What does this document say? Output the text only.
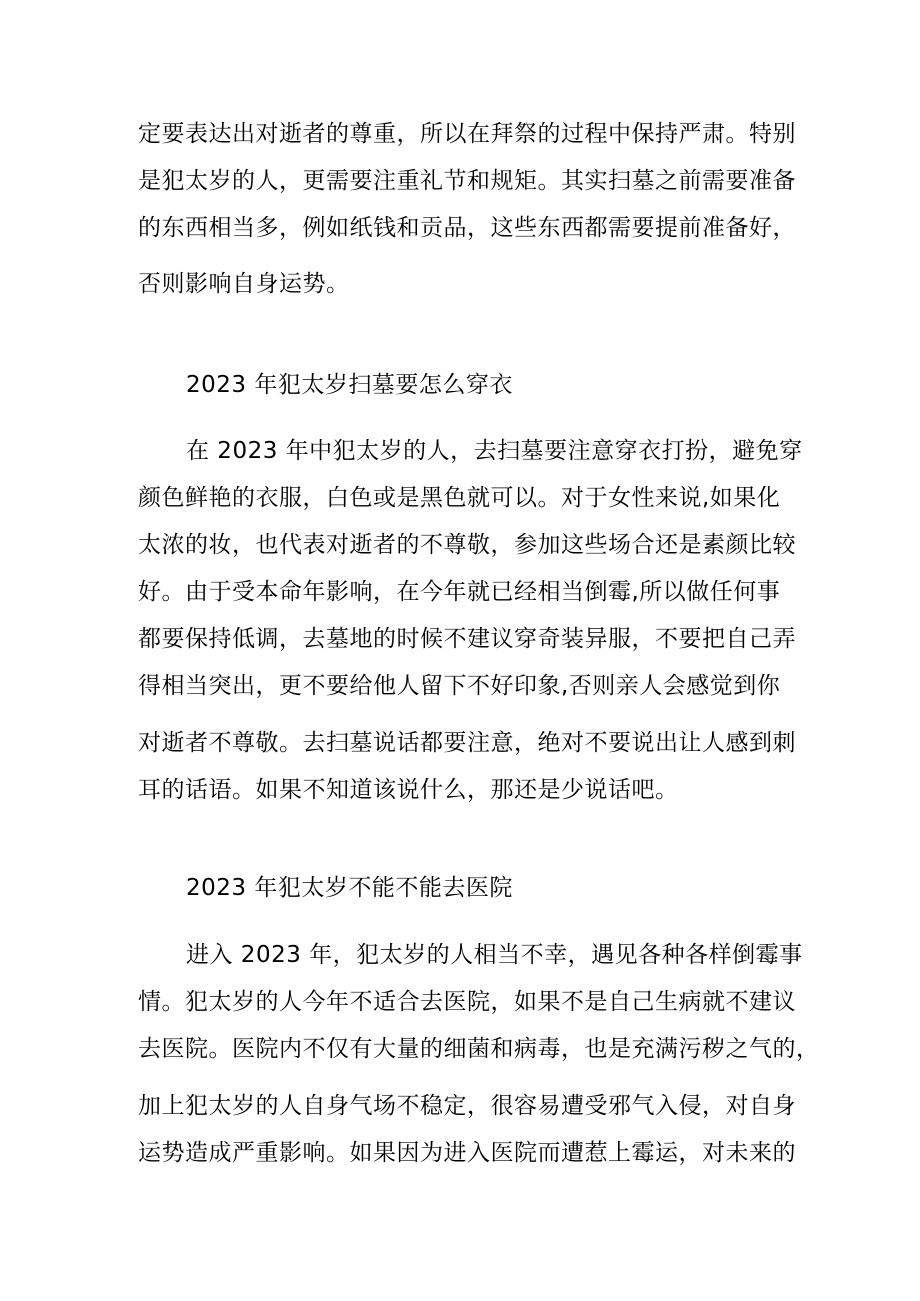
定要表达出对逝者的尊重，所以在拜祭的过程中保持严肃。特别
是犯太岁的人，更需要注重礼节和规矩。其实扫墓之前需要准备
的东西相当多，例如纸钱和贡品，这些东西都需要提前准备好，
否则影响自身运势。
2023 年犯太岁扫墓要怎么穿衣
在 2023 年中犯太岁的人，去扫墓要注意穿衣打扮，避免穿
颜色鲜艳的衣服，白色或是黑色就可以。对于女性来说,如果化
太浓的妆，也代表对逝者的不尊敬，参加这些场合还是素颜比较
好。由于受本命年影响，在今年就已经相当倒霉,所以做任何事
都要保持低调，去墓地的时候不建议穿奇装异服，不要把自己弄
得相当突出，更不要给他人留下不好印象,否则亲人会感觉到你
对逝者不尊敬。去扫墓说话都要注意，绝对不要说出让人感到刺
耳的话语。如果不知道该说什么，那还是少说话吧。
2023 年犯太岁不能不能去医院
进入 2023 年，犯太岁的人相当不幸，遇见各种各样倒霉事
情。犯太岁的人今年不适合去医院，如果不是自己生病就不建议
去医院。医院内不仅有大量的细菌和病毒，也是充满污秽之气的，
加上犯太岁的人自身气场不稳定，很容易遭受邪气入侵，对自身
运势造成严重影响。如果因为进入医院而遭惹上霉运，对未来的
